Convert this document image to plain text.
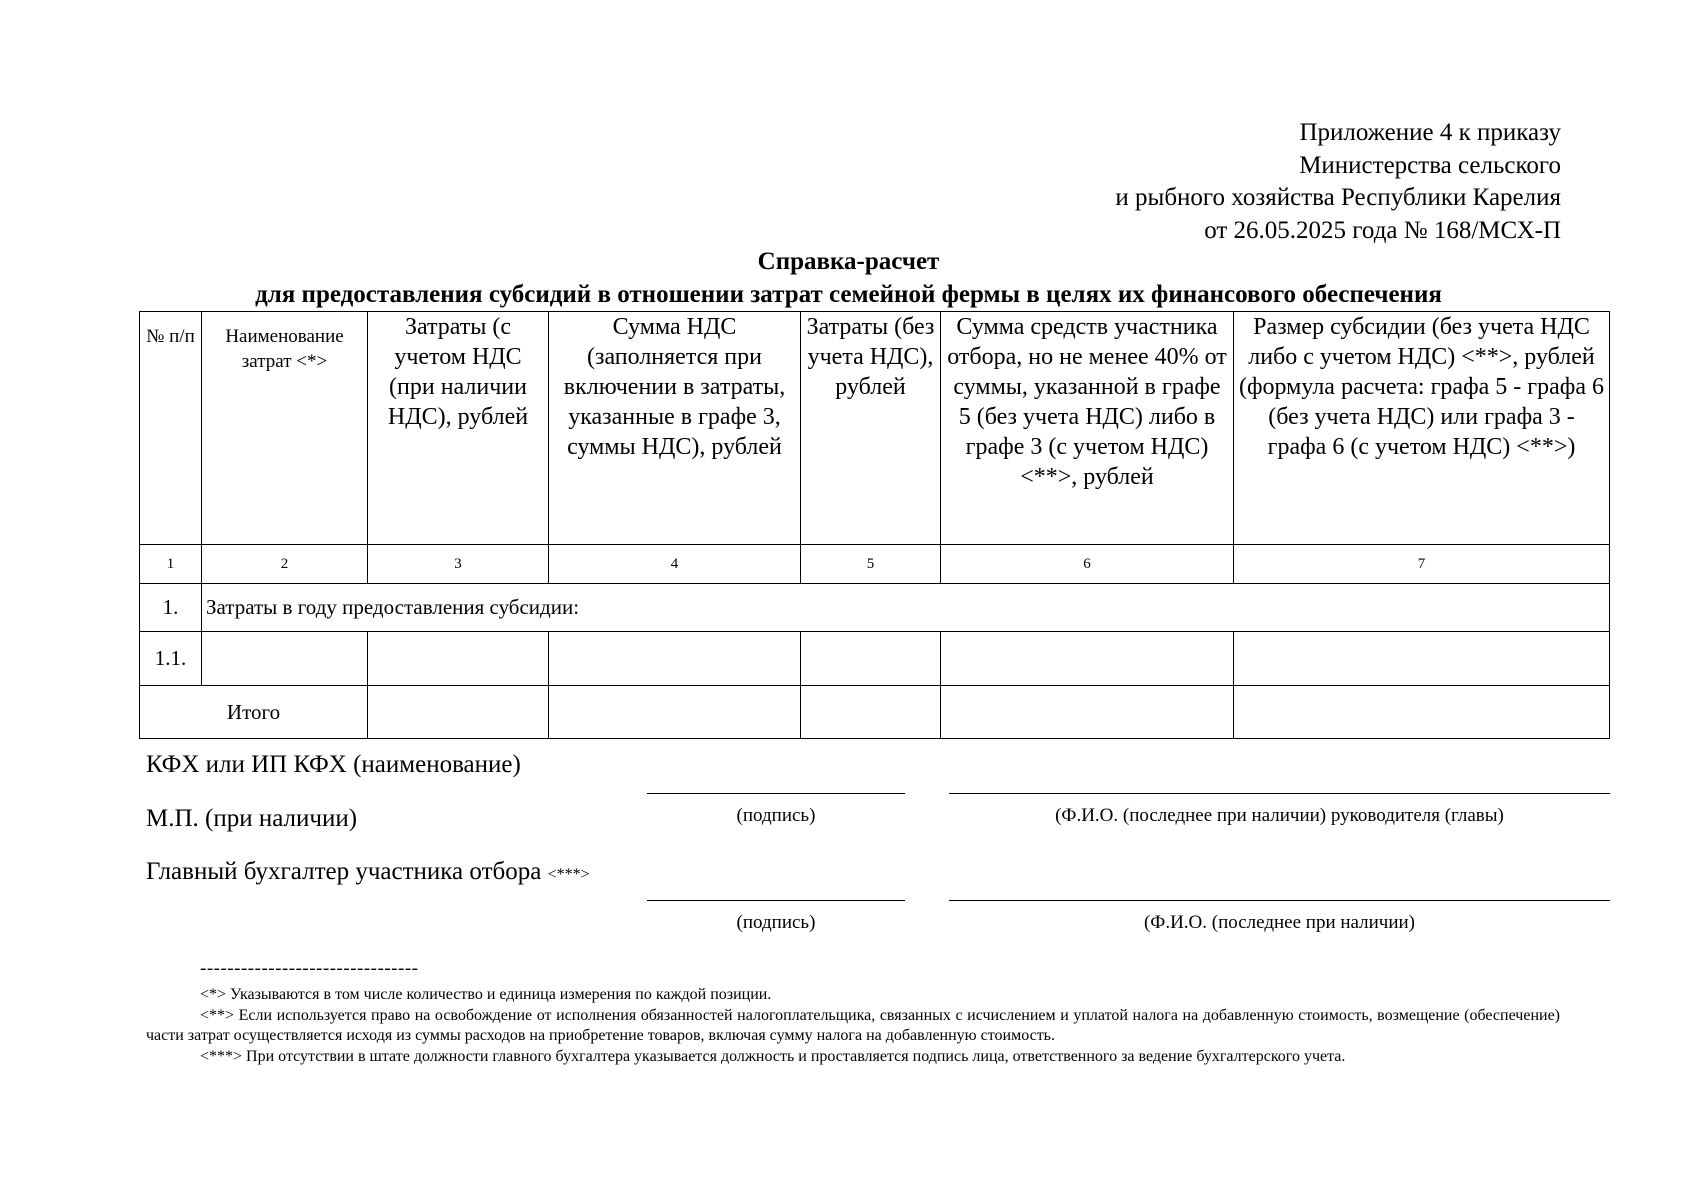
Приложение 4 к приказу
Министерства сельского
и рыбного хозяйства Республики Карелия
от 26.05.2025 года № 168/МСХ-П
Справка-расчет
для предоставления субсидий в отношении затрат семейной фермы в целях их финансового обеспечения
№ п/п	Наименование затрат <*>	Затраты (с учетом НДС (при наличии НДС), рублей	Сумма НДС (заполняется при включении в затраты, указанные в графе 3, суммы НДС), рублей	Затраты (без учета НДС), рублей	Сумма средств участника отбора, но не менее 40% от суммы, указанной в графе 5 (без учета НДС) либо в графе 3 (с учетом НДС) <**>, рублей	Размер субсидии (без учета НДС либо с учетом НДС) <**>, рублей (формула расчета: графа 5 - графа 6 (без учета НДС) или графа 3 - графа 6 (с учетом НДС) <**>)
1	2	3	4	5	6	7
1.	Затраты в году предоставления субсидии:					
1.1.						
Итого						
КФХ или ИП КФХ (наименование)
М.П. (при наличии)	(подпись)	(Ф.И.О. (последнее при наличии) руководителя (главы)
Главный бухгалтер участника отбора <***>
(подпись)	(Ф.И.О. (последнее при наличии)
--------------------------------

<*> Указываются в том числе количество и единица измерения по каждой позиции.

<**> Если используется право на освобождение от исполнения обязанностей налогоплательщика, связанных с исчислением и уплатой налога на добавленную стоимость, возмещение (обеспечение) части затрат осуществляется исходя из суммы расходов на приобретение товаров, включая сумму налога на добавленную стоимость.

<***> При отсутствии в штате должности главного бухгалтера указывается должность и проставляется подпись лица, ответственного за ведение бухгалтерского учета.
